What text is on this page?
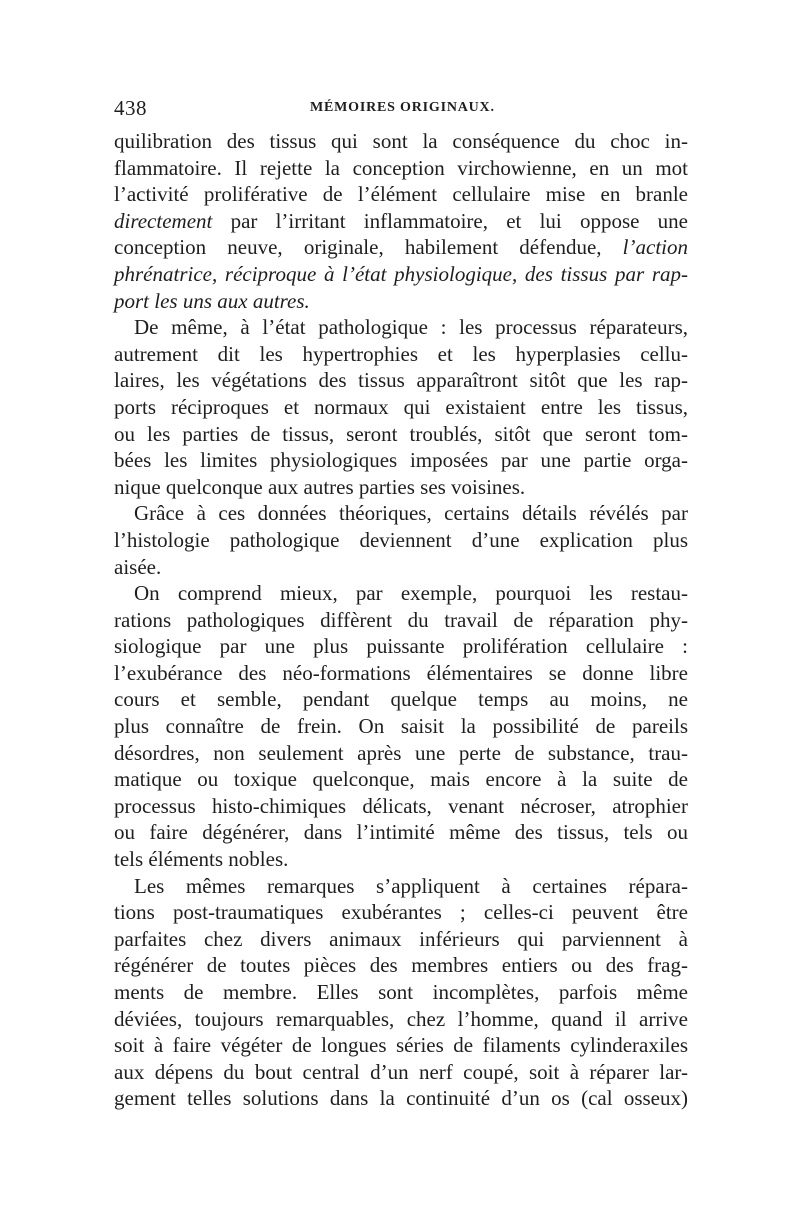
438	MÉMOIRES ORIGINAUX.
quilibration des tissus qui sont la conséquence du choc in-
flammatoire. Il rejette la conception virchowienne, en un mot
l’activité proliférative de l’élément cellulaire mise en branle
directement par l’irritant inflammatoire, et lui oppose une
conception neuve, originale, habilement défendue, l’action
phrénatrice, réciproque à l’état physiologique, des tissus par rap-
port les uns aux autres.
De même, à l’état pathologique : les processus réparateurs,
autrement dit les hypertrophies et les hyperplasies cellu-
laires, les végétations des tissus apparaîtront sitôt que les rap-
ports réciproques et normaux qui existaient entre les tissus,
ou les parties de tissus, seront troublés, sitôt que seront tom-
bées les limites physiologiques imposées par une partie orga-
nique quelconque aux autres parties ses voisines.
Grâce à ces données théoriques, certains détails révélés par
l’histologie pathologique deviennent d’une explication plus
aisée.
On comprend mieux, par exemple, pourquoi les restau-
rations pathologiques diffèrent du travail de réparation phy-
siologique par une plus puissante prolifération cellulaire :
l’exubérance des néo-formations élémentaires se donne libre
cours et semble, pendant quelque temps au moins, ne
plus connaître de frein. On saisit la possibilité de pareils
désordres, non seulement après une perte de substance, trau-
matique ou toxique quelconque, mais encore à la suite de
processus histo-chimiques délicats, venant nécroser, atrophier
ou faire dégénérer, dans l’intimité même des tissus, tels ou
tels éléments nobles.
Les mêmes remarques s’appliquent à certaines répara-
tions post-traumatiques exubérantes ; celles-ci peuvent être
parfaites chez divers animaux inférieurs qui parviennent à
régénérer de toutes pièces des membres entiers ou des frag-
ments de membre. Elles sont incomplètes, parfois même
déviées, toujours remarquables, chez l’homme, quand il arrive
soit à faire végéter de longues séries de filaments cylinderaxiles
aux dépens du bout central d’un nerf coupé, soit à réparer lar-
gement telles solutions dans la continuité d’un os (cal osseux)
